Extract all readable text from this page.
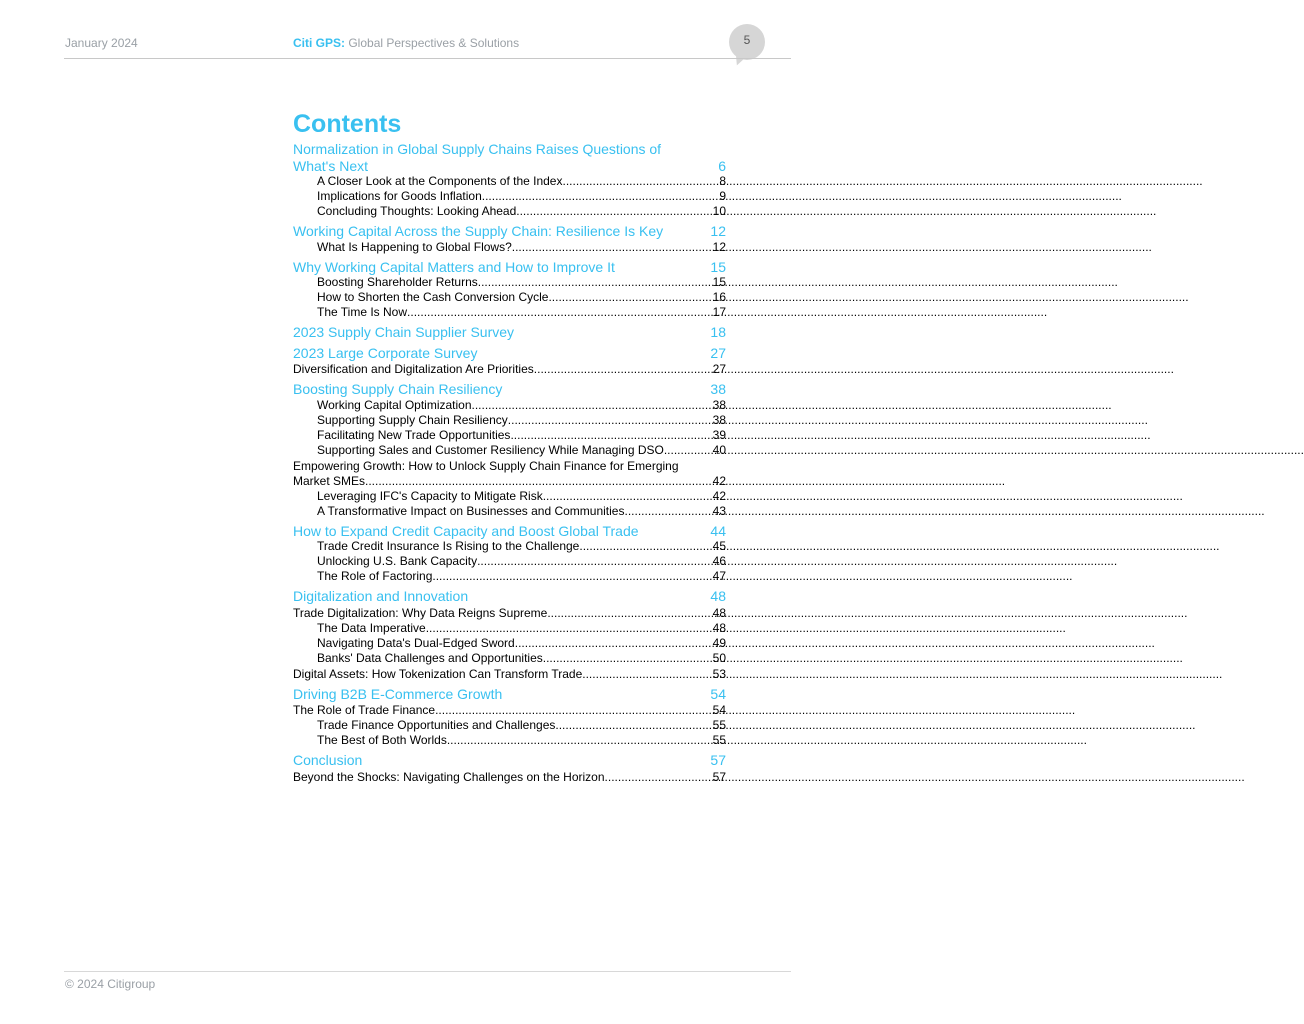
January 2024	Citi GPS: Global Perspectives & Solutions	5
Contents
Normalization in Global Supply Chains Raises Questions of
What's Next	6
A Closer Look at the Components of the Index .....	8
Implications for Goods Inflation .....	9
Concluding Thoughts: Looking Ahead .....	10
Working Capital Across the Supply Chain: Resilience Is Key	12
What Is Happening to Global Flows? .....	12
Why Working Capital Matters and How to Improve It	15
Boosting Shareholder Returns .....	15
How to Shorten the Cash Conversion Cycle .....	16
The Time Is Now .....	17
2023 Supply Chain Supplier Survey	18
2023 Large Corporate Survey	27
Diversification and Digitalization Are Priorities .....	27
Boosting Supply Chain Resiliency	38
Working Capital Optimization .....	38
Supporting Supply Chain Resiliency .....	38
Facilitating New Trade Opportunities .....	39
Supporting Sales and Customer Resiliency While Managing DSO .....	40
Empowering Growth: How to Unlock Supply Chain Finance for Emerging
Market SMEs .....	42
Leveraging IFC's Capacity to Mitigate Risk .....	42
A Transformative Impact on Businesses and Communities .....	43
How to Expand Credit Capacity and Boost Global Trade	44
Trade Credit Insurance Is Rising to the Challenge .....	45
Unlocking U.S. Bank Capacity .....	46
The Role of Factoring .....	47
Digitalization and Innovation	48
Trade Digitalization: Why Data Reigns Supreme .....	48
The Data Imperative .....	48
Navigating Data's Dual-Edged Sword .....	49
Banks' Data Challenges and Opportunities .....	50
Digital Assets: How Tokenization Can Transform Trade .....	53
Driving B2B E-Commerce Growth	54
The Role of Trade Finance .....	54
Trade Finance Opportunities and Challenges .....	55
The Best of Both Worlds .....	55
Conclusion	57
Beyond the Shocks: Navigating Challenges on the Horizon .....	57
© 2024 Citigroup
